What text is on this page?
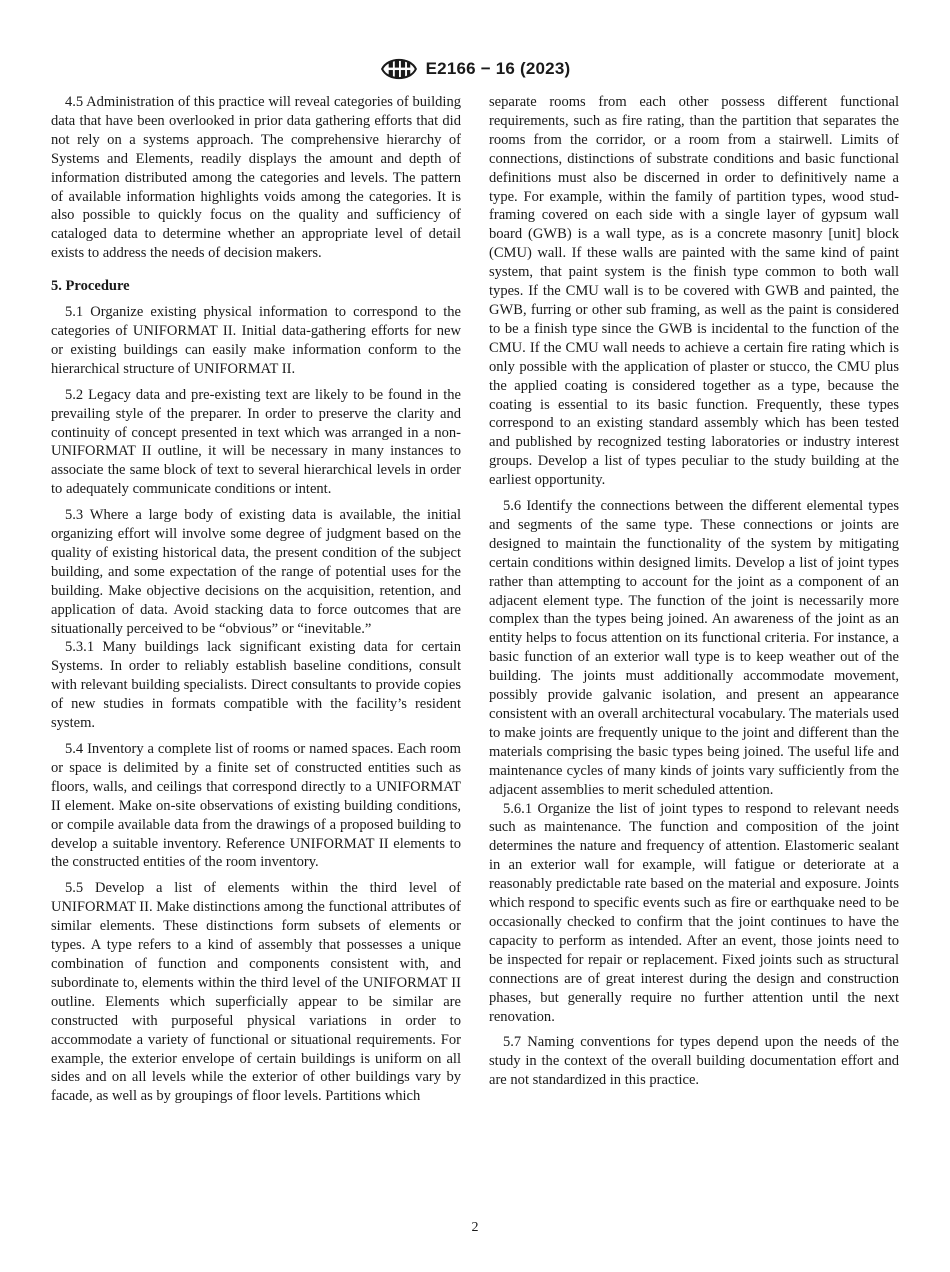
E2166 − 16 (2023)

4.5 Administration of this practice will reveal categories of building data that have been overlooked in prior data gathering efforts that did not rely on a systems approach. The comprehensive hierarchy of Systems and Elements, readily displays the amount and depth of information distributed among the categories and levels. The pattern of available information highlights voids among the categories. It is also possible to quickly focus on the quality and sufficiency of cataloged data to determine whether an appropriate level of detail exists to address the needs of decision makers.

5. Procedure

5.1 Organize existing physical information to correspond to the categories of UNIFORMAT II. Initial data-gathering efforts for new or existing buildings can easily make information conform to the hierarchical structure of UNIFORMAT II.

5.2 Legacy data and pre-existing text are likely to be found in the prevailing style of the preparer. In order to preserve the clarity and continuity of concept presented in text which was arranged in a non-UNIFORMAT II outline, it will be necessary in many instances to associate the same block of text to several hierarchical levels in order to adequately communicate conditions or intent.

5.3 Where a large body of existing data is available, the initial organizing effort will involve some degree of judgment based on the quality of existing historical data, the present condition of the subject building, and some expectation of the range of potential uses for the building. Make objective decisions on the acquisition, retention, and application of data. Avoid stacking data to force outcomes that are situationally perceived to be “obvious” or “inevitable.”

5.3.1 Many buildings lack significant existing data for certain Systems. In order to reliably establish baseline conditions, consult with relevant building specialists. Direct consultants to provide copies of new studies in formats compatible with the facility’s resident system.

5.4 Inventory a complete list of rooms or named spaces. Each room or space is delimited by a finite set of constructed entities such as floors, walls, and ceilings that correspond directly to a UNIFORMAT II element. Make on-site observations of existing building conditions, or compile available data from the drawings of a proposed building to develop a suitable inventory. Reference UNIFORMAT II elements to the constructed entities of the room inventory.

5.5 Develop a list of elements within the third level of UNIFORMAT II. Make distinctions among the functional attributes of similar elements. These distinctions form subsets of elements or types. A type refers to a kind of assembly that possesses a unique combination of function and components consistent with, and subordinate to, elements within the third level of the UNIFORMAT II outline. Elements which superficially appear to be similar are constructed with purposeful physical variations in order to accommodate a variety of functional or situational requirements. For example, the exterior envelope of certain buildings is uniform on all sides and on all levels while the exterior of other buildings vary by facade, as well as by groupings of floor levels. Partitions which

separate rooms from each other possess different functional requirements, such as fire rating, than the partition that separates the rooms from the corridor, or a room from a stairwell. Limits of connections, distinctions of substrate conditions and basic functional definitions must also be discerned in order to definitively name a type. For example, within the family of partition types, wood stud-framing covered on each side with a single layer of gypsum wall board (GWB) is a wall type, as is a concrete masonry [unit] block (CMU) wall. If these walls are painted with the same kind of paint system, that paint system is the finish type common to both wall types. If the CMU wall is to be covered with GWB and painted, the GWB, furring or other sub framing, as well as the paint is considered to be a finish type since the GWB is incidental to the function of the CMU. If the CMU wall needs to achieve a certain fire rating which is only possible with the application of plaster or stucco, the CMU plus the applied coating is considered together as a type, because the coating is essential to its basic function. Frequently, these types correspond to an existing standard assembly which has been tested and published by recognized testing laboratories or industry interest groups. Develop a list of types peculiar to the study building at the earliest opportunity.

5.6 Identify the connections between the different elemental types and segments of the same type. These connections or joints are designed to maintain the functionality of the system by mitigating certain conditions within designed limits. Develop a list of joint types rather than attempting to account for the joint as a component of an adjacent element type. The function of the joint is necessarily more complex than the types being joined. An awareness of the joint as an entity helps to focus attention on its functional criteria. For instance, a basic function of an exterior wall type is to keep weather out of the building. The joints must additionally accommodate movement, possibly provide galvanic isolation, and present an appearance consistent with an overall architectural vocabulary. The materials used to make joints are frequently unique to the joint and different than the materials comprising the basic types being joined. The useful life and maintenance cycles of many kinds of joints vary sufficiently from the adjacent assemblies to merit scheduled attention.

5.6.1 Organize the list of joint types to respond to relevant needs such as maintenance. The function and composition of the joint determines the nature and frequency of attention. Elastomeric sealant in an exterior wall for example, will fatigue or deteriorate at a reasonably predictable rate based on the material and exposure. Joints which respond to specific events such as fire or earthquake need to be occasionally checked to confirm that the joint continues to have the capacity to perform as intended. After an event, those joints need to be inspected for repair or replacement. Fixed joints such as structural connections are of great interest during the design and construction phases, but generally require no further attention until the next renovation.

5.7 Naming conventions for types depend upon the needs of the study in the context of the overall building documentation effort and are not standardized in this practice.

2
